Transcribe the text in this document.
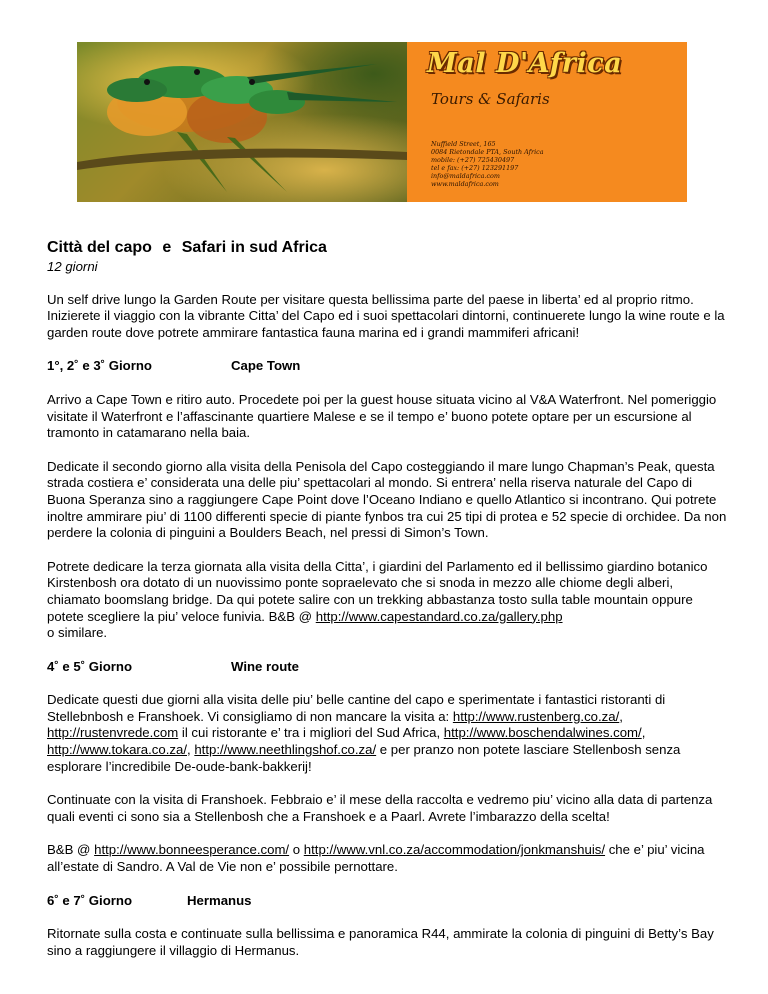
Mal D'Africa
Tours & Safaris
Nuffield Street, 165
0084 Rietondale PTA, South Africa
mobile: (+27) 725430497
tel e fax: (+27) 123291197
info@maldafrica.com
www.maldafrica.com
Città del capo e Safari in sud Africa
12 giorni

Un self drive lungo la Garden Route per visitare questa bellissima parte del paese in liberta’ ed al proprio ritmo. Inizierete il viaggio con la vibrante Citta’ del Capo ed i suoi spettacolari dintorni, continuerete lungo la wine route e la garden route dove potrete ammirare fantastica fauna marina ed i grandi mammiferi africani!

1°, 2˚ e 3˚ Giorno	Cape Town

Arrivo a Cape Town e ritiro auto. Procedete poi per la guest house situata vicino al V&A Waterfront. Nel pomeriggio visitate il Waterfront e l’affascinante quartiere Malese e se il tempo e’ buono potete optare per un escursione al tramonto in catamarano nella baia.

Dedicate il secondo giorno alla visita della Penisola del Capo costeggiando il mare lungo Chapman’s Peak, questa strada costiera e’ considerata una delle piu’ spettacolari al mondo. Si entrera’ nella riserva naturale del Capo di Buona Speranza sino a raggiungere Cape Point dove l’Oceano Indiano e quello Atlantico si incontrano. Qui potrete inoltre ammirare piu’ di 1100 differenti specie di piante fynbos tra cui 25 tipi di protea e 52 specie di orchidee. Da non perdere la colonia di pinguini a Boulders Beach, nel pressi di Simon’s Town.

Potrete dedicare la terza giornata alla visita della Citta’, i giardini del Parlamento ed il bellissimo giardino botanico Kirstenbosh ora dotato di un nuovissimo ponte sopraelevato che si snoda in mezzo alle chiome degli alberi, chiamato boomslang bridge. Da qui potete salire con un trekking abbastanza tosto sulla table mountain oppure potete scegliere la piu’ veloce funivia. B&B @ http://www.capestandard.co.za/gallery.php
o similare.

4˚ e 5˚ Giorno	Wine route

Dedicate questi due giorni alla visita delle piu’ belle cantine del capo e sperimentate i fantastici ristoranti di Stellebnbosh e Franshoek. Vi consigliamo di non mancare la visita a: http://www.rustenberg.co.za/,
http://rustenvrede.com il cui ristorante e’ tra i migliori del Sud Africa, http://www.boschendalwines.com/,
http://www.tokara.co.za/, http://www.neethlingshof.co.za/ e per pranzo non potete lasciare Stellenbosh senza esplorare l’incredibile De-oude-bank-bakkerij!

Continuate con la visita di Franshoek. Febbraio e’ il mese della raccolta e vedremo piu’ vicino alla data di partenza quali eventi ci sono sia a Stellenbosh che a Franshoek e a Paarl. Avrete l’imbarazzo della scelta!

B&B @ http://www.bonneesperance.com/ o http://www.vnl.co.za/accommodation/jonkmanshuis/ che e’ piu’ vicina all’estate di Sandro. A Val de Vie non e’ possibile pernottare.

6˚ e 7˚ Giorno	Hermanus

Ritornate sulla costa e continuate sulla bellissima e panoramica R44, ammirate la colonia di pinguini di Betty’s Bay sino a raggiungere il villaggio di Hermanus.
